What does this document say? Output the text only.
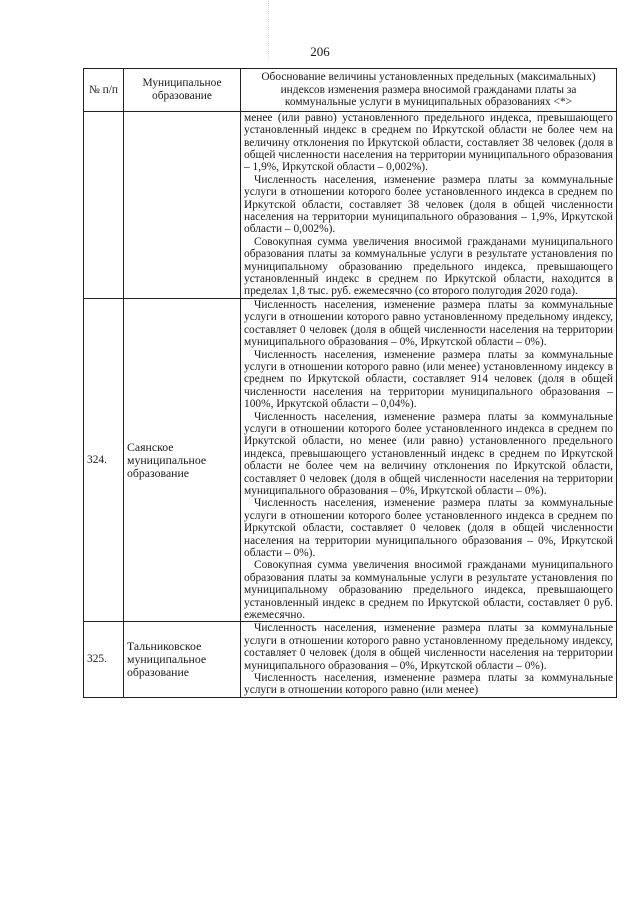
206
№ п/п	Муниципальное образование	Обоснование величины установленных предельных (максимальных) индексов изменения размера вносимой гражданами платы за коммунальные услуги в муниципальных образованиях <*>

		менее (или равно) установленного предельного индекса, превышающего установленный индекс в среднем по Иркутской области не более чем на величину отклонения по Иркутской области, составляет 38 человек (доля в общей численности населения на территории муниципального образования – 1,9%, Иркутской области – 0,002%).

Численность населения, изменение размера платы за коммунальные услуги в отношении которого более установленного индекса в среднем по Иркутской области, составляет 38 человек (доля в общей численности населения на территории муниципального образования – 1,9%, Иркутской области – 0,002%).

Совокупная сумма увеличения вносимой гражданами муниципального образования платы за коммунальные услуги в результате установления по муниципальному образованию предельного индекса, превышающего установленный индекс в среднем по Иркутской области, находится в пределах 1,8 тыс. руб. ежемесячно (со второго полугодия 2020 года).

324.	Саянское муниципальное образование	Численность населения, изменение размера платы за коммунальные услуги в отношении которого равно установленному предельному индексу, составляет 0 человек (доля в общей численности населения на территории муниципального образования – 0%, Иркутской области – 0%).

Численность населения, изменение размера платы за коммунальные услуги в отношении которого равно (или менее) установленному индексу в среднем по Иркутской области, составляет 914 человек (доля в общей численности населения на территории муниципального образования – 100%, Иркутской области – 0,04%).

Численность населения, изменение размера платы за коммунальные услуги в отношении которого более установленного индекса в среднем по Иркутской области, но менее (или равно) установленного предельного индекса, превышающего установленный индекс в среднем по Иркутской области не более чем на величину отклонения по Иркутской области, составляет 0 человек (доля в общей численности населения на территории муниципального образования – 0%, Иркутской области – 0%).

Численность населения, изменение размера платы за коммунальные услуги в отношении которого более установленного индекса в среднем по Иркутской области, составляет 0 человек (доля в общей численности населения на территории муниципального образования – 0%, Иркутской области – 0%).

Совокупная сумма увеличения вносимой гражданами муниципального образования платы за коммунальные услуги в результате установления по муниципальному образованию предельного индекса, превышающего установленный индекс в среднем по Иркутской области, составляет 0 руб. ежемесячно.

325.	Тальниковское муниципальное образование	Численность населения, изменение размера платы за коммунальные услуги в отношении которого равно установленному предельному индексу, составляет 0 человек (доля в общей численности населения на территории муниципального образования – 0%, Иркутской области – 0%).

Численность населения, изменение размера платы за коммунальные услуги в отношении которого равно (или менее)
